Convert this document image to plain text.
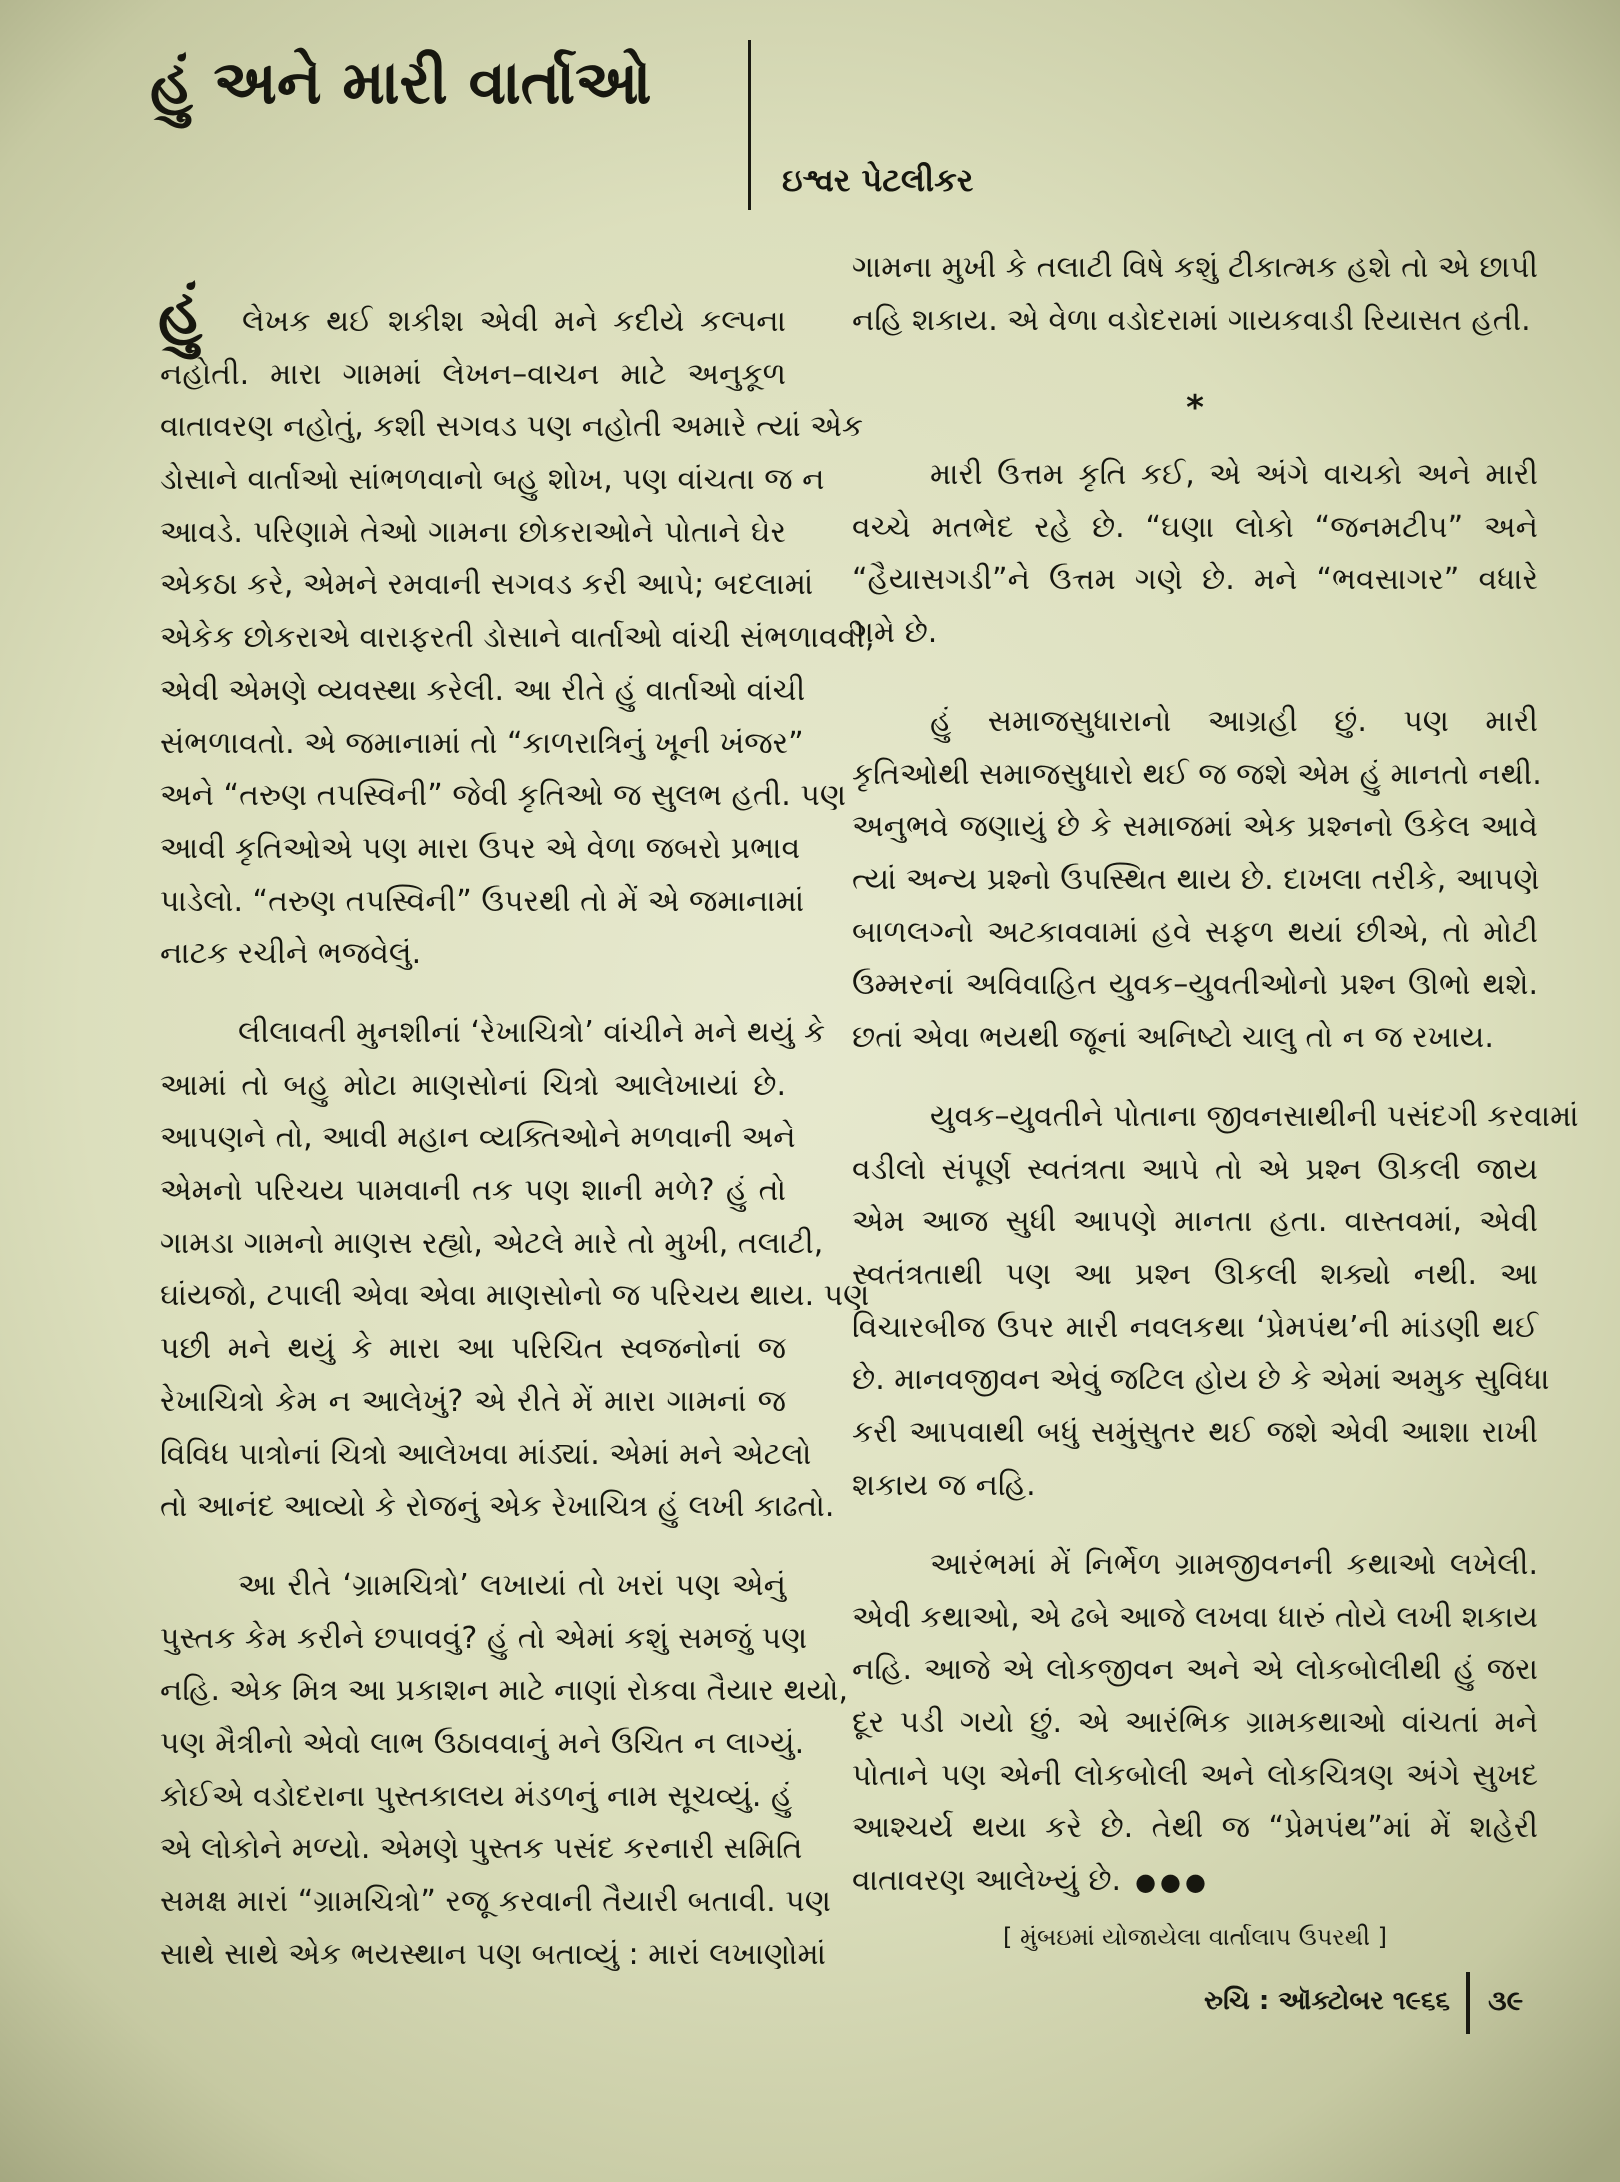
હું અને મારી વાર્તાઓ
ઇશ્વર પેટલીકર
હું	લેખક થઈ શકીશ એવી મને કદીયે કલ્પના
નહોતી. મારા ગામમાં લેખન–વાચન માટે અનુકૂળ
વાતાવરણ નહોતું, કશી સગવડ પણ નહોતી અમારે ત્યાં એક
ડોસાને વાર્તાઓ સાંભળવાનો બહુ શોખ, પણ વાંચતા જ ન
આવડે. પરિણામે તેઓ ગામના છોકરાઓને પોતાને ઘેર
એકઠા કરે, એમને રમવાની સગવડ કરી આપે; બદલામાં
એકેક છોકરાએ વારાફરતી ડોસાને વાર્તાઓ વાંચી સંભળાવવી,
એવી એમણે વ્યવસ્થા કરેલી. આ રીતે હું વાર્તાઓ વાંચી
સંભળાવતો. એ જમાનામાં તો “કાળરાત્રિનું ખૂની ખંજર”
અને “તરુણ તપસ્વિની” જેવી કૃતિઓ જ સુલભ હતી. પણ
આવી કૃતિઓએ પણ મારા ઉપર એ વેળા જબરો પ્રભાવ
પાડેલો. “તરુણ તપસ્વિની” ઉપરથી તો મેં એ જમાનામાં
નાટક રચીને ભજવેલું.
લીલાવતી મુનશીનાં ‘રેખાચિત્રો’ વાંચીને મને થયું કે
આમાં તો બહુ મોટા માણસોનાં ચિત્રો આલેખાયાં છે.
આપણને તો, આવી મહાન વ્યક્તિઓને મળવાની અને
એમનો પરિચય પામવાની તક પણ શાની મળે? હું તો
ગામડા ગામનો માણસ રહ્યો, એટલે મારે તો મુખી, તલાટી,
ઘાંયજો, ટપાલી એવા એવા માણસોનો જ પરિચય થાય. પણ
પછી મને થયું કે મારા આ પરિચિત સ્વજનોનાં જ
રેખાચિત્રો કેમ ન આલેખું? એ રીતે મેં મારા ગામનાં જ
વિવિધ પાત્રોનાં ચિત્રો આલેખવા માંડ્યાં. એમાં મને એટલો
તો આનંદ આવ્યો કે રોજનું એક રેખાચિત્ર હું લખી કાઢતો.
આ રીતે ‘ગ્રામચિત્રો’ લખાયાં તો ખરાં પણ એનું
પુસ્તક કેમ કરીને છપાવવું? હું તો એમાં કશું સમજું પણ
નહિ. એક મિત્ર આ પ્રકાશન માટે નાણાં રોકવા તૈયાર થયો,
પણ મૈત્રીનો એવો લાભ ઉઠાવવાનું મને ઉચિત ન લાગ્યું.
કોઈએ વડોદરાના પુસ્તકાલય મંડળનું નામ સૂચવ્યું. હું
એ લોકોને મળ્યો. એમણે પુસ્તક પસંદ કરનારી સમિતિ
સમક્ષ મારાં “ગ્રામચિત્રો” રજૂ કરવાની તૈયારી બતાવી. પણ
સાથે સાથે એક ભયસ્થાન પણ બતાવ્યું : મારાં લખાણોમાં
ગામના મુખી કે તલાટી વિષે કશું ટીકાત્મક હશે તો એ છાપી
નહિ શકાય. એ વેળા વડોદરામાં ગાયકવાડી રિયાસત હતી.
*
મારી ઉત્તમ કૃતિ કઈ, એ અંગે વાચકો અને મારી
વચ્ચે મતભેદ રહે છે. “ઘણા લોકો “જનમટીપ” અને
“હૈયાસગડી”ને ઉત્તમ ગણે છે. મને “ભવસાગર” વધારે
ગમે છે.
હું સમાજસુધારાનો આગ્રહી છું. પણ મારી
કૃતિઓથી સમાજસુધારો થઈ જ જશે એમ હું માનતો નથી.
અનુભવે જણાયું છે કે સમાજમાં એક પ્રશ્નનો ઉકેલ આવે
ત્યાં અન્ય પ્રશ્નો ઉપસ્થિત થાય છે. દાખલા તરીકે, આપણે
બાળલગ્નો અટકાવવામાં હવે સફળ થયાં છીએ, તો મોટી
ઉમ્મરનાં અવિવાહિત યુવક–યુવતીઓનો પ્રશ્ન ઊભો થશે.
છતાં એવા ભયથી જૂનાં અનિષ્ટો ચાલુ તો ન જ રખાય.
યુવક–યુવતીને પોતાના જીવનસાથીની પસંદગી કરવામાં
વડીલો સંપૂર્ણ સ્વતંત્રતા આપે તો એ પ્રશ્ન ઊકલી જાય
એમ આજ સુધી આપણે માનતા હતા. વાસ્તવમાં, એવી
સ્વતંત્રતાથી પણ આ પ્રશ્ન ઊકલી શક્યો નથી. આ
વિચારબીજ ઉપર મારી નવલકથા ‘પ્રેમપંથ’ની માંડણી થઈ
છે. માનવજીવન એવું જટિલ હોય છે કે એમાં અમુક સુવિધા
કરી આપવાથી બધું સમુંસુતર થઈ જશે એવી આશા રાખી
શકાય જ નહિ.
આરંભમાં મેં નિર્ભેળ ગ્રામજીવનની કથાઓ લખેલી.
એવી કથાઓ, એ ઢબે આજે લખવા ધારું તોયે લખી શકાય
નહિ. આજે એ લોકજીવન અને એ લોકબોલીથી હું જરા
દૂર પડી ગયો છું. એ આરંભિક ગ્રામકથાઓ વાંચતાં મને
પોતાને પણ એની લોકબોલી અને લોકચિત્રણ અંગે સુખદ
આશ્ચર્ય થયા કરે છે. તેથી જ “પ્રેમપંથ”માં મેં શહેરી
વાતાવરણ આલેખ્યું છે. ●●●
[ મુંબઇમાં યોજાયેલા વાર્તાલાપ ઉપરથી ]
રુચિ : ઑક્ટોબર ૧૯૬૬ ૩૯
